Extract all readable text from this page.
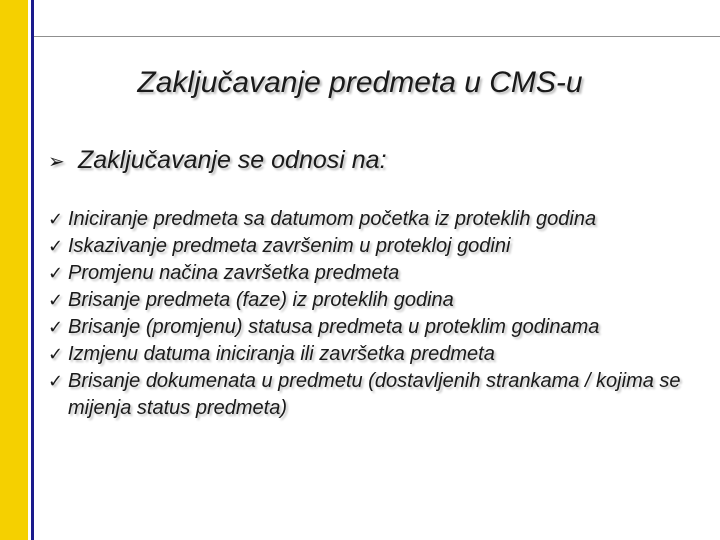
Zaključavanje predmeta u CMS-u
➢ Zaključavanje se odnosi na:
✓ Iniciranje predmeta sa datumom početka iz proteklih godina
✓ Iskazivanje predmeta završenim u protekloj godini
✓ Promjenu načina završetka predmeta
✓ Brisanje predmeta (faze) iz proteklih godina
✓ Brisanje (promjenu) statusa predmeta u proteklim godinama
✓ Izmjenu datuma iniciranja ili završetka predmeta
✓ Brisanje dokumenata u predmetu (dostavljenih strankama / kojima se mijenja status predmeta)
